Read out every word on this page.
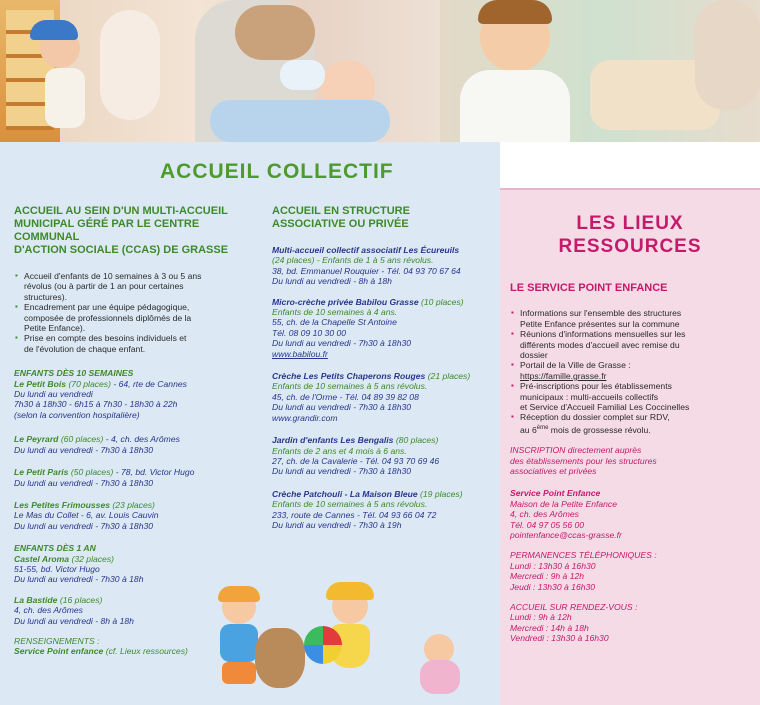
ACCUEIL COLLECTIF
LES LIEUX
RESSOURCES
ACCUEIL AU SEIN D'UN MULTI-ACCUEIL
MUNICIPAL GÉRÉ PAR LE CENTRE COMMUNAL
D'ACTION SOCIALE (CCAS) DE GRASSE
▪ Accueil d'enfants de 10 semaines à 3 ou 5 ans
révolus (ou à partir de 1 an pour certaines
structures).
▪ Encadrement par une équipe pédagogique,
composée de professionnels diplômés de la
Petite Enfance).
▪ Prise en compte des besoins individuels et
de l'évolution de chaque enfant.
ENFANTS DÈS 10 SEMAINES
Le Petit Bois (70 places) - 64, rte de Cannes
Du lundi au vendredi
7h30 à 18h30 - 6h15 à 7h30 - 18h30 à 22h
(selon la convention hospitalière)
Le Peyrard (60 places) - 4, ch. des Arômes
Du lundi au vendredi - 7h30 à 18h30
Le Petit Paris (50 places) - 78, bd. Victor Hugo
Du lundi au vendredi - 7h30 à 18h30
Les Petites Frimousses (23 places)
Le Mas du Collet - 6, av. Louis Cauvin
Du lundi au vendredi - 7h30 à 18h30
ENFANTS DÈS 1 AN
Castel Aroma (32 places)
51-55, bd. Victor Hugo
Du lundi au vendredi - 7h30 à 18h
La Bastide (16 places)
4, ch. des Arômes
Du lundi au vendredi - 8h à 18h
RENSEIGNEMENTS :
Service Point enfance (cf. Lieux ressources)
ACCUEIL EN STRUCTURE
ASSOCIATIVE OU PRIVÉE
Multi-accueil collectif associatif Les Écureuils
(24 places) - Enfants de 1 à 5 ans révolus.
38, bd. Emmanuel Rouquier - Tél. 04 93 70 67 64
Du lundi au vendredi - 8h à 18h
Micro-crèche privée Babilou Grasse (10 places)
Enfants de 10 semaines à 4 ans.
55, ch. de la Chapelle St Antoine
Tél. 08 09 10 30 00
Du lundi au vendredi - 7h30 à 18h30
www.babilou.fr
Crèche Les Petits Chaperons Rouges (21 places)
Enfants de 10 semaines à 5 ans révolus.
45, ch. de l'Orme - Tél. 04 89 39 82 08
Du lundi au vendredi - 7h30 à 18h30
www.grandir.com
Jardin d'enfants Les Bengalis (80 places)
Enfants de 2 ans et 4 mois à 6 ans.
27, ch. de la Cavalerie - Tél. 04 93 70 69 46
Du lundi au vendredi - 7h30 à 18h30
Crèche Patchouli - La Maison Bleue (19 places)
Enfants de 10 semaines à 5 ans révolus.
233, route de Cannes - Tél. 04 93 66 04 72
Du lundi au vendredi - 7h30 à 19h
LE SERVICE POINT ENFANCE
▪ Informations sur l'ensemble des structures
Petite Enfance présentes sur la commune
▪ Réunions d'informations mensuelles sur les
différents modes d'accueil avec remise du
dossier
▪ Portail de la Ville de Grasse :
https://famille.grasse.fr
▪ Pré-inscriptions pour les établissements
municipaux : multi-accueils collectifs
et Service d'Accueil Familial Les Coccinelles
▪ Réception du dossier complet sur RDV,
au 6ème mois de grossesse révolu.
INSCRIPTION directement auprès
des établissements pour les structures
associatives et privées
Service Point Enfance
Maison de la Petite Enfance
4, ch. des Arômes
Tél. 04 97 05 56 00
pointenfance@ccas-grasse.fr
PERMANENCES TÉLÉPHONIQUES :
Lundi : 13h30 à 16h30
Mercredi : 9h à 12h
Jeudi : 13h30 à 16h30
ACCUEIL SUR RENDEZ-VOUS :
Lundi : 9h à 12h
Mercredi : 14h à 18h
Vendredi : 13h30 à 16h30
